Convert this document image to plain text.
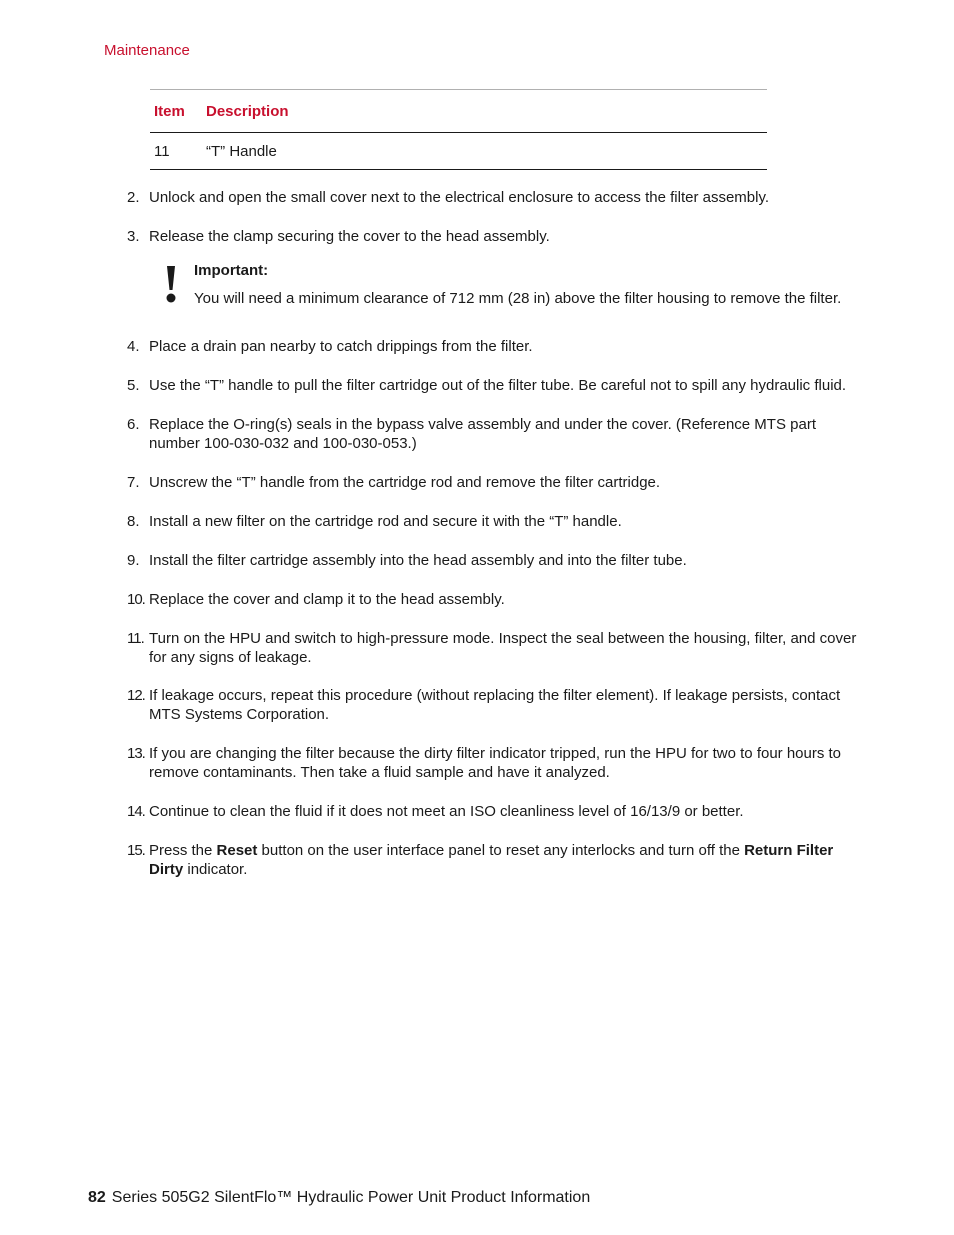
Maintenance
Item	Description
11	“T” Handle
2. Unlock and open the small cover next to the electrical enclosure to access the filter assembly.
3. Release the clamp securing the cover to the head assembly.
Important:
You will need a minimum clearance of 712 mm (28 in) above the filter housing to remove the filter.
4. Place a drain pan nearby to catch drippings from the filter.
5. Use the “T” handle to pull the filter cartridge out of the filter tube. Be careful not to spill any hydraulic fluid.
6. Replace the O-ring(s) seals in the bypass valve assembly and under the cover. (Reference MTS part number 100-030-032 and 100-030-053.)
7. Unscrew the “T” handle from the cartridge rod and remove the filter cartridge.
8. Install a new filter on the cartridge rod and secure it with the “T” handle.
9. Install the filter cartridge assembly into the head assembly and into the filter tube.
10. Replace the cover and clamp it to the head assembly.
11. Turn on the HPU and switch to high-pressure mode. Inspect the seal between the housing, filter, and cover for any signs of leakage.
12. If leakage occurs, repeat this procedure (without replacing the filter element). If leakage persists, contact MTS Systems Corporation.
13. If you are changing the filter because the dirty filter indicator tripped, run the HPU for two to four hours to remove contaminants. Then take a fluid sample and have it analyzed.
14. Continue to clean the fluid if it does not meet an ISO cleanliness level of 16/13/9 or better.
15. Press the Reset button on the user interface panel to reset any interlocks and turn off the Return Filter Dirty indicator.
82 Series 505G2 SilentFlo™ Hydraulic Power Unit Product Information
